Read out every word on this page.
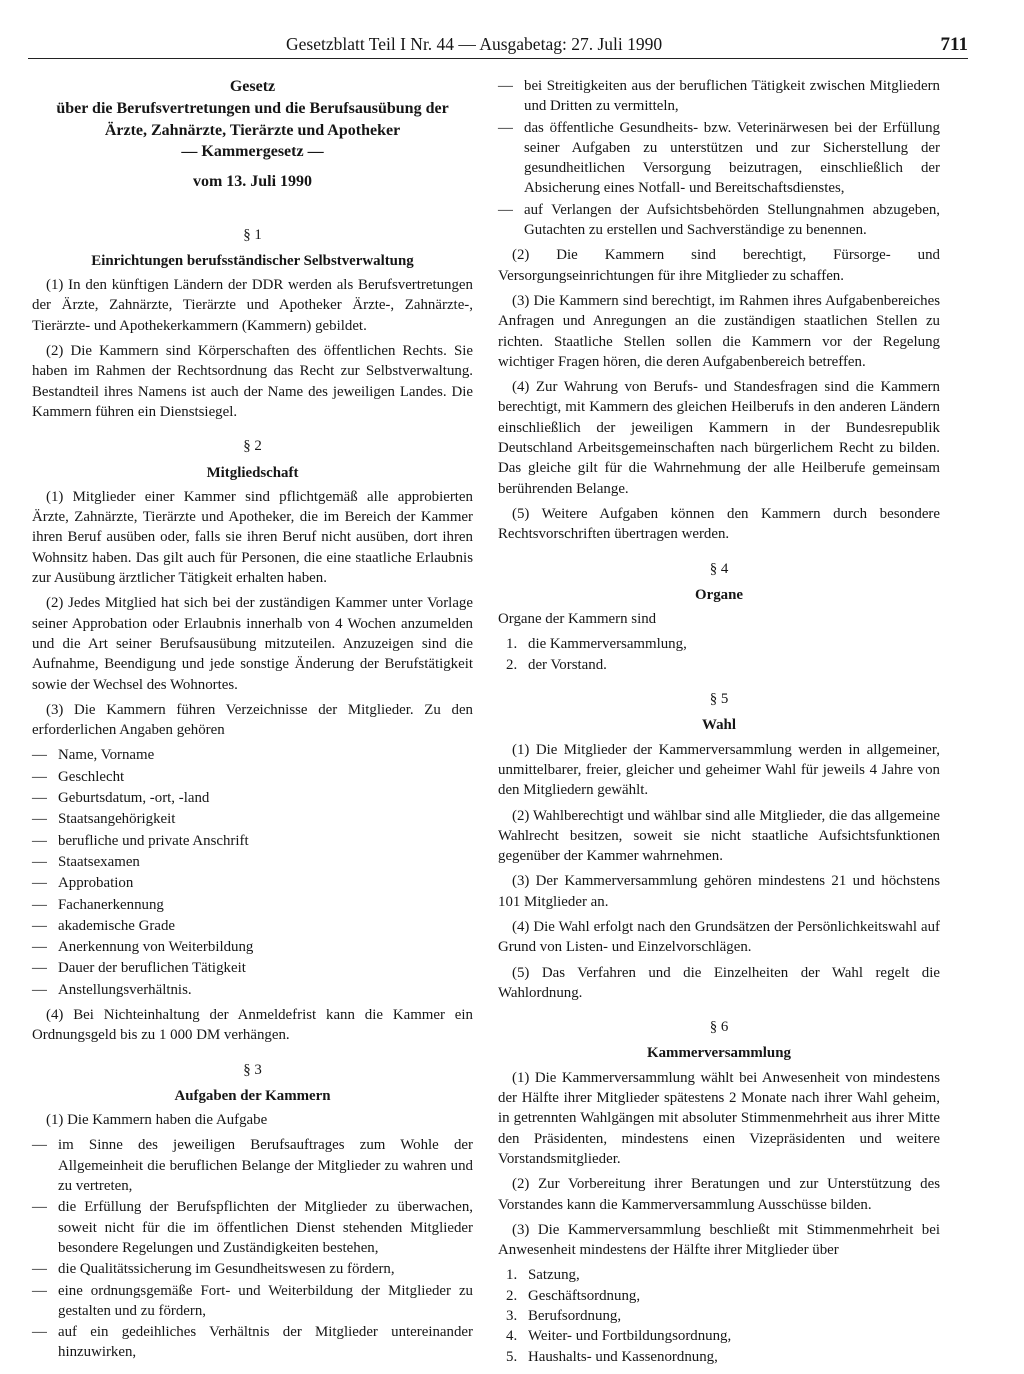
Gesetzblatt Teil I Nr. 44 — Ausgabetag: 27. Juli 1990	711
Gesetz
über die Berufsvertretungen und die Berufsausübung der
Ärzte, Zahnärzte, Tierärzte und Apotheker
— Kammergesetz —
vom 13. Juli 1990
§ 1
Einrichtungen berufsständischer Selbstverwaltung

(1) In den künftigen Ländern der DDR werden als Berufsvertretungen der Ärzte, Zahnärzte, Tierärzte und Apotheker Ärzte-, Zahnärzte-, Tierärzte- und Apothekerkammern (Kammern) gebildet.

(2) Die Kammern sind Körperschaften des öffentlichen Rechts. Sie haben im Rahmen der Rechtsordnung das Recht zur Selbstverwaltung. Bestandteil ihres Namens ist auch der Name des jeweiligen Landes. Die Kammern führen ein Dienstsiegel.

§ 2
Mitgliedschaft

(1) Mitglieder einer Kammer sind pflichtgemäß alle approbierten Ärzte, Zahnärzte, Tierärzte und Apotheker, die im Bereich der Kammer ihren Beruf ausüben oder, falls sie ihren Beruf nicht ausüben, dort ihren Wohnsitz haben. Das gilt auch für Personen, die eine staatliche Erlaubnis zur Ausübung ärztlicher Tätigkeit erhalten haben.

(2) Jedes Mitglied hat sich bei der zuständigen Kammer unter Vorlage seiner Approbation oder Erlaubnis innerhalb von 4 Wochen anzumelden und die Art seiner Berufsausübung mitzuteilen. Anzuzeigen sind die Aufnahme, Beendigung und jede sonstige Änderung der Berufstätigkeit sowie der Wechsel des Wohnortes.

(3) Die Kammern führen Verzeichnisse der Mitglieder. Zu den erforderlichen Angaben gehören

— Name, Vorname
— Geschlecht
— Geburtsdatum, -ort, -land
— Staatsangehörigkeit
— berufliche und private Anschrift
— Staatsexamen
— Approbation
— Fachanerkennung
— akademische Grade
— Anerkennung von Weiterbildung
— Dauer der beruflichen Tätigkeit
— Anstellungsverhältnis.

(4) Bei Nichteinhaltung der Anmeldefrist kann die Kammer ein Ordnungsgeld bis zu 1 000 DM verhängen.

§ 3
Aufgaben der Kammern

(1) Die Kammern haben die Aufgabe

— im Sinne des jeweiligen Berufsauftrages zum Wohle der Allgemeinheit die beruflichen Belange der Mitglieder zu wahren und zu vertreten,
— die Erfüllung der Berufspflichten der Mitglieder zu überwachen, soweit nicht für die im öffentlichen Dienst stehenden Mitglieder besondere Regelungen und Zuständigkeiten bestehen,
— die Qualitätssicherung im Gesundheitswesen zu fördern,
— eine ordnungsgemäße Fort- und Weiterbildung der Mitglieder zu gestalten und zu fördern,
— auf ein gedeihliches Verhältnis der Mitglieder untereinander hinzuwirken,
— bei Streitigkeiten aus der beruflichen Tätigkeit zwischen Mitgliedern und Dritten zu vermitteln,
— das öffentliche Gesundheits- bzw. Veterinärwesen bei der Erfüllung seiner Aufgaben zu unterstützen und zur Sicherstellung der gesundheitlichen Versorgung beizutragen, einschließlich der Absicherung eines Notfall- und Bereitschaftsdienstes,
— auf Verlangen der Aufsichtsbehörden Stellungnahmen abzugeben, Gutachten zu erstellen und Sachverständige zu benennen.

(2) Die Kammern sind berechtigt, Fürsorge- und Versorgungseinrichtungen für ihre Mitglieder zu schaffen.

(3) Die Kammern sind berechtigt, im Rahmen ihres Aufgabenbereiches Anfragen und Anregungen an die zuständigen staatlichen Stellen zu richten. Staatliche Stellen sollen die Kammern vor der Regelung wichtiger Fragen hören, die deren Aufgabenbereich betreffen.

(4) Zur Wahrung von Berufs- und Standesfragen sind die Kammern berechtigt, mit Kammern des gleichen Heilberufs in den anderen Ländern einschließlich der jeweiligen Kammern in der Bundesrepublik Deutschland Arbeitsgemeinschaften nach bürgerlichem Recht zu bilden. Das gleiche gilt für die Wahrnehmung der alle Heilberufe gemeinsam berührenden Belange.

(5) Weitere Aufgaben können den Kammern durch besondere Rechtsvorschriften übertragen werden.

§ 4
Organe

Organe der Kammern sind

1. die Kammerversammlung,
2. der Vorstand.
§ 5
Wahl

(1) Die Mitglieder der Kammerversammlung werden in allgemeiner, unmittelbarer, freier, gleicher und geheimer Wahl für jeweils 4 Jahre von den Mitgliedern gewählt.

(2) Wahlberechtigt und wählbar sind alle Mitglieder, die das allgemeine Wahlrecht besitzen, soweit sie nicht staatliche Aufsichtsfunktionen gegenüber der Kammer wahrnehmen.

(3) Der Kammerversammlung gehören mindestens 21 und höchstens 101 Mitglieder an.

(4) Die Wahl erfolgt nach den Grundsätzen der Persönlichkeitswahl auf Grund von Listen- und Einzelvorschlägen.

(5) Das Verfahren und die Einzelheiten der Wahl regelt die Wahlordnung.

§ 6
Kammerversammlung

(1) Die Kammerversammlung wählt bei Anwesenheit von mindestens der Hälfte ihrer Mitglieder spätestens 2 Monate nach ihrer Wahl geheim, in getrennten Wahlgängen mit absoluter Stimmenmehrheit aus ihrer Mitte den Präsidenten, mindestens einen Vizepräsidenten und weitere Vorstandsmitglieder.

(2) Zur Vorbereitung ihrer Beratungen und zur Unterstützung des Vorstandes kann die Kammerversammlung Ausschüsse bilden.

(3) Die Kammerversammlung beschließt mit Stimmenmehrheit bei Anwesenheit mindestens der Hälfte ihrer Mitglieder über

1. Satzung,
2. Geschäftsordnung,
3. Berufsordnung,
4. Weiter- und Fortbildungsordnung,
5. Haushalts- und Kassenordnung,
